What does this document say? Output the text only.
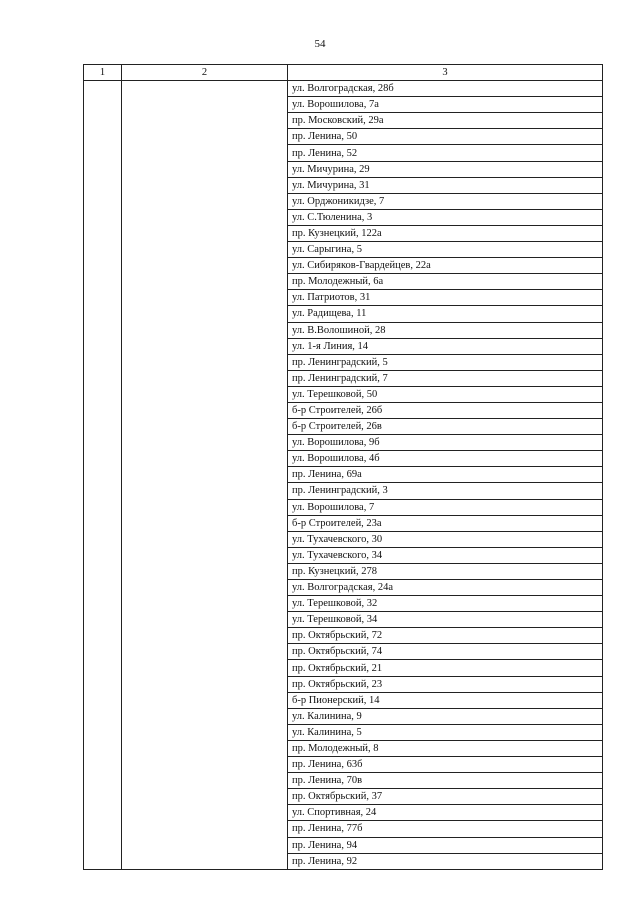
54
1	2	3
		ул. Волгоградская, 28б
		ул. Ворошилова, 7а
		пр. Московский, 29а
		пр. Ленина, 50
		пр. Ленина, 52
		ул. Мичурина, 29
		ул. Мичурина, 31
		ул. Орджоникидзе, 7
		ул. С.Тюленина, 3
		пр. Кузнецкий, 122а
		ул. Сарыгина, 5
		ул. Сибиряков-Гвардейцев, 22а
		пр. Молодежный, 6а
		ул. Патриотов, 31
		ул. Радищева, 11
		ул. В.Волошиной, 28
		ул. 1-я Линия, 14
		пр. Ленинградский, 5
		пр. Ленинградский, 7
		ул. Терешковой, 50
		б-р Строителей, 26б
		б-р Строителей, 26в
		ул. Ворошилова, 9б
		ул. Ворошилова, 4б
		пр. Ленина, 69а
		пр. Ленинградский, 3
		ул. Ворошилова, 7
		б-р Строителей, 23а
		ул. Тухачевского, 30
		ул. Тухачевского, 34
		пр. Кузнецкий, 278
		ул. Волгоградская, 24а
		ул. Терешковой, 32
		ул. Терешковой, 34
		пр. Октябрьский, 72
		пр. Октябрьский, 74
		пр. Октябрьский, 21
		пр. Октябрьский, 23
		б-р Пионерский, 14
		ул. Калинина, 9
		ул. Калинина, 5
		пр. Молодежный, 8
		пр. Ленина, 63б
		пр. Ленина, 70в
		пр. Октябрьский, 37
		ул. Спортивная, 24
		пр. Ленина, 77б
		пр. Ленина, 94
		пр. Ленина, 92
